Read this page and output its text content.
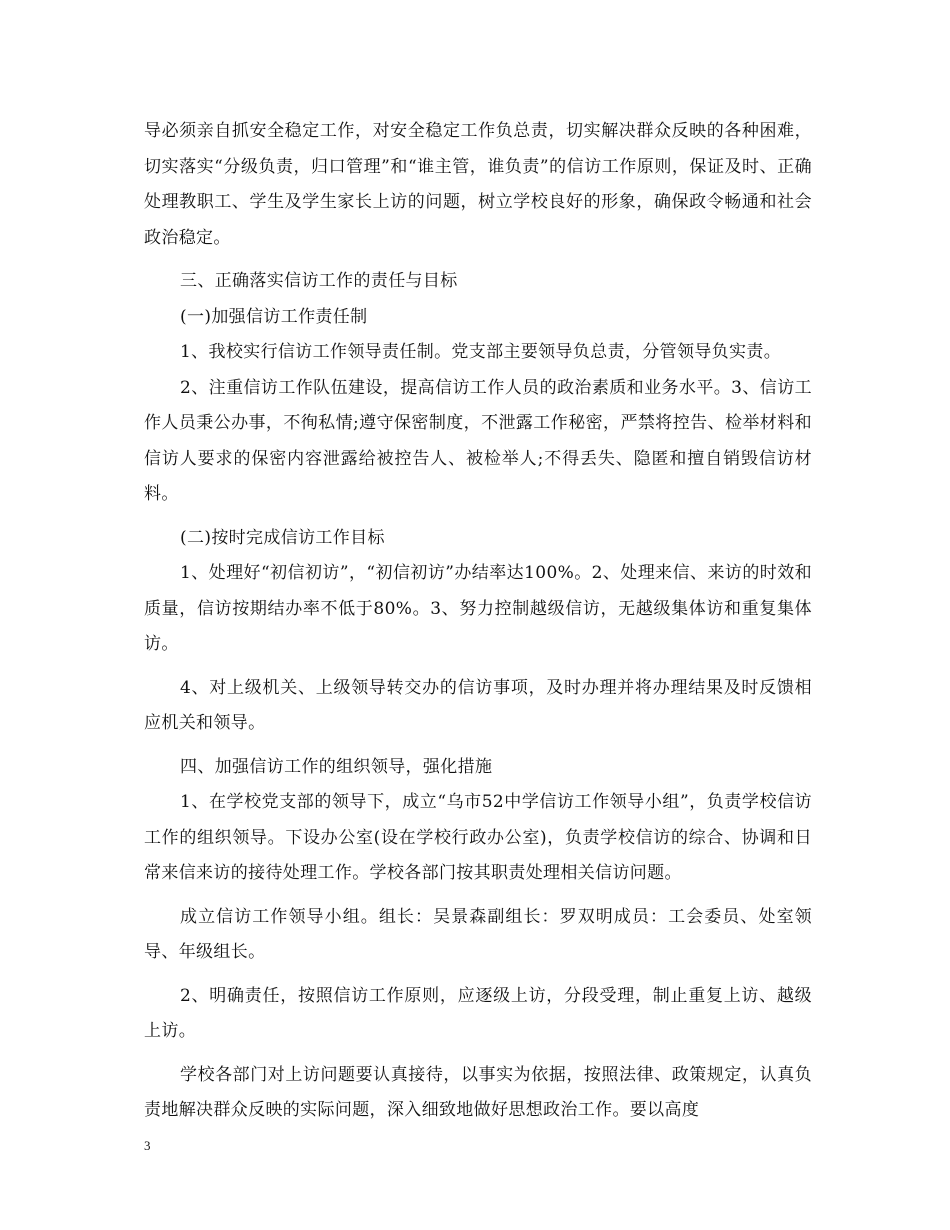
导必须亲自抓安全稳定工作，对安全稳定工作负总责，切实解决群众反映的各种困难，切实落实“分级负责，归口管理”和“谁主管，谁负责”的信访工作原则，保证及时、正确处理教职工、学生及学生家长上访的问题，树立学校良好的形象，确保政令畅通和社会政治稳定。

三、正确落实信访工作的责任与目标

(一)加强信访工作责任制

1、我校实行信访工作领导责任制。党支部主要领导负总责，分管领导负实责。

2、注重信访工作队伍建设，提高信访工作人员的政治素质和业务水平。3、信访工作人员秉公办事，不徇私情;遵守保密制度，不泄露工作秘密，严禁将控告、检举材料和信访人要求的保密内容泄露给被控告人、被检举人;不得丢失、隐匿和擅自销毁信访材料。

(二)按时完成信访工作目标

1、处理好“初信初访”，“初信初访”办结率达100%。2、处理来信、来访的时效和质量，信访按期结办率不低于80%。3、努力控制越级信访，无越级集体访和重复集体访。

4、对上级机关、上级领导转交办的信访事项，及时办理并将办理结果及时反馈相应机关和领导。

四、加强信访工作的组织领导，强化措施

1、在学校党支部的领导下，成立“乌市52中学信访工作领导小组”，负责学校信访工作的组织领导。下设办公室(设在学校行政办公室)，负责学校信访的综合、协调和日常来信来访的接待处理工作。学校各部门按其职责处理相关信访问题。

成立信访工作领导小组。组长：吴景森副组长：罗双明成员：工会委员、处室领导、年级组长。

2、明确责任，按照信访工作原则，应逐级上访，分段受理，制止重复上访、越级上访。

学校各部门对上访问题要认真接待，以事实为依据，按照法律、政策规定，认真负责地解决群众反映的实际问题，深入细致地做好思想政治工作。要以高度

3
